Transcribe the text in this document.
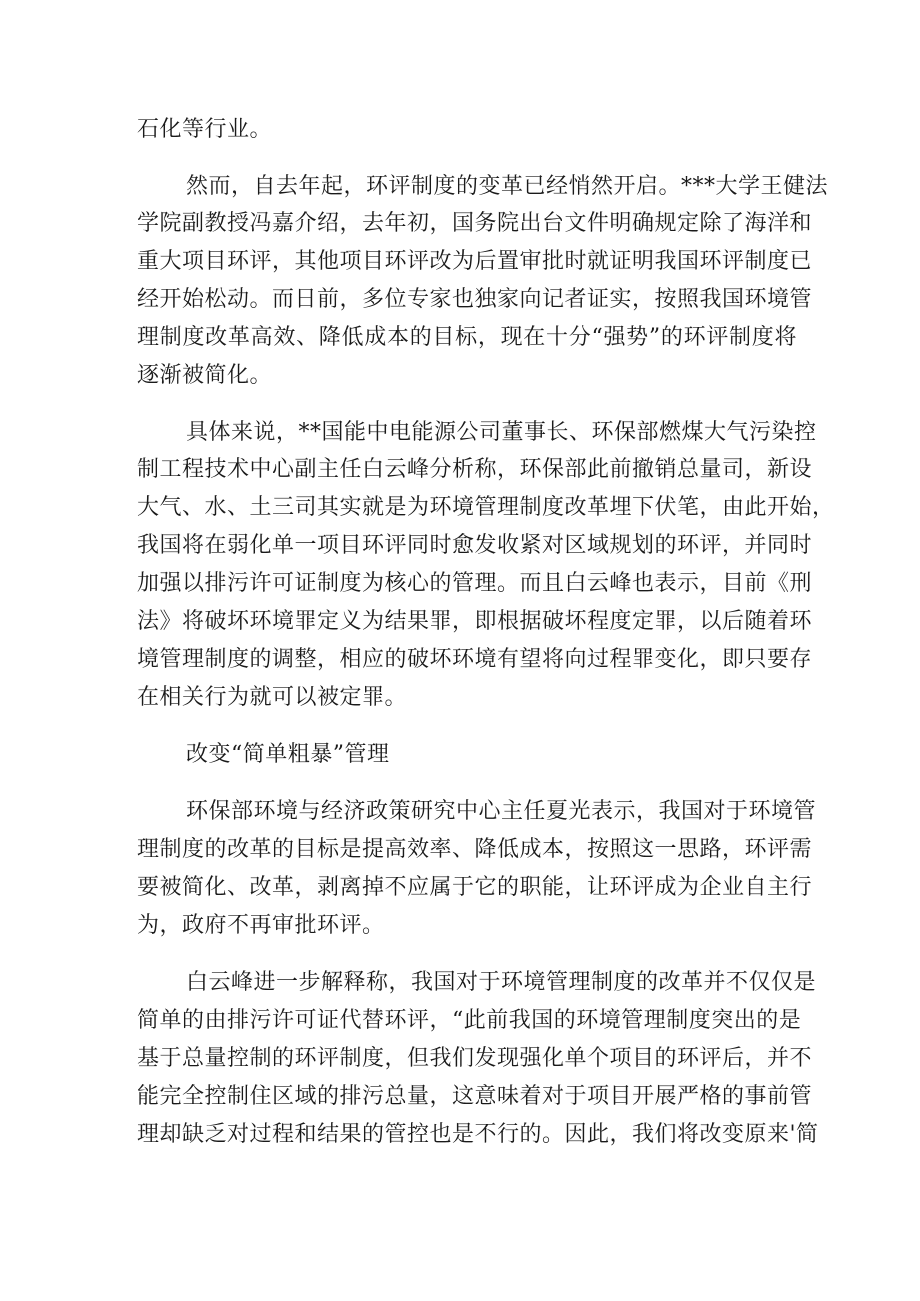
石化等行业。
然而，自去年起，环评制度的变革已经悄然开启。***大学王健法
学院副教授冯嘉介绍，去年初，国务院出台文件明确规定除了海洋和
重大项目环评，其他项目环评改为后置审批时就证明我国环评制度已
经开始松动。而日前，多位专家也独家向记者证实，按照我国环境管
理制度改革高效、降低成本的目标，现在十分“强势”的环评制度将
逐渐被简化。
具体来说，**国能中电能源公司董事长、环保部燃煤大气污染控
制工程技术中心副主任白云峰分析称，环保部此前撤销总量司，新设
大气、水、土三司其实就是为环境管理制度改革埋下伏笔，由此开始，
我国将在弱化单一项目环评同时愈发收紧对区域规划的环评，并同时
加强以排污许可证制度为核心的管理。而且白云峰也表示，目前《刑
法》将破坏环境罪定义为结果罪，即根据破坏程度定罪，以后随着环
境管理制度的调整，相应的破坏环境有望将向过程罪变化，即只要存
在相关行为就可以被定罪。
改变“简单粗暴”管理
环保部环境与经济政策研究中心主任夏光表示，我国对于环境管
理制度的改革的目标是提高效率、降低成本，按照这一思路，环评需
要被简化、改革，剥离掉不应属于它的职能，让环评成为企业自主行
为，政府不再审批环评。
白云峰进一步解释称，我国对于环境管理制度的改革并不仅仅是
简单的由排污许可证代替环评，“此前我国的环境管理制度突出的是
基于总量控制的环评制度，但我们发现强化单个项目的环评后，并不
能完全控制住区域的排污总量，这意味着对于项目开展严格的事前管
理却缺乏对过程和结果的管控也是不行的。因此，我们将改变原来'简
